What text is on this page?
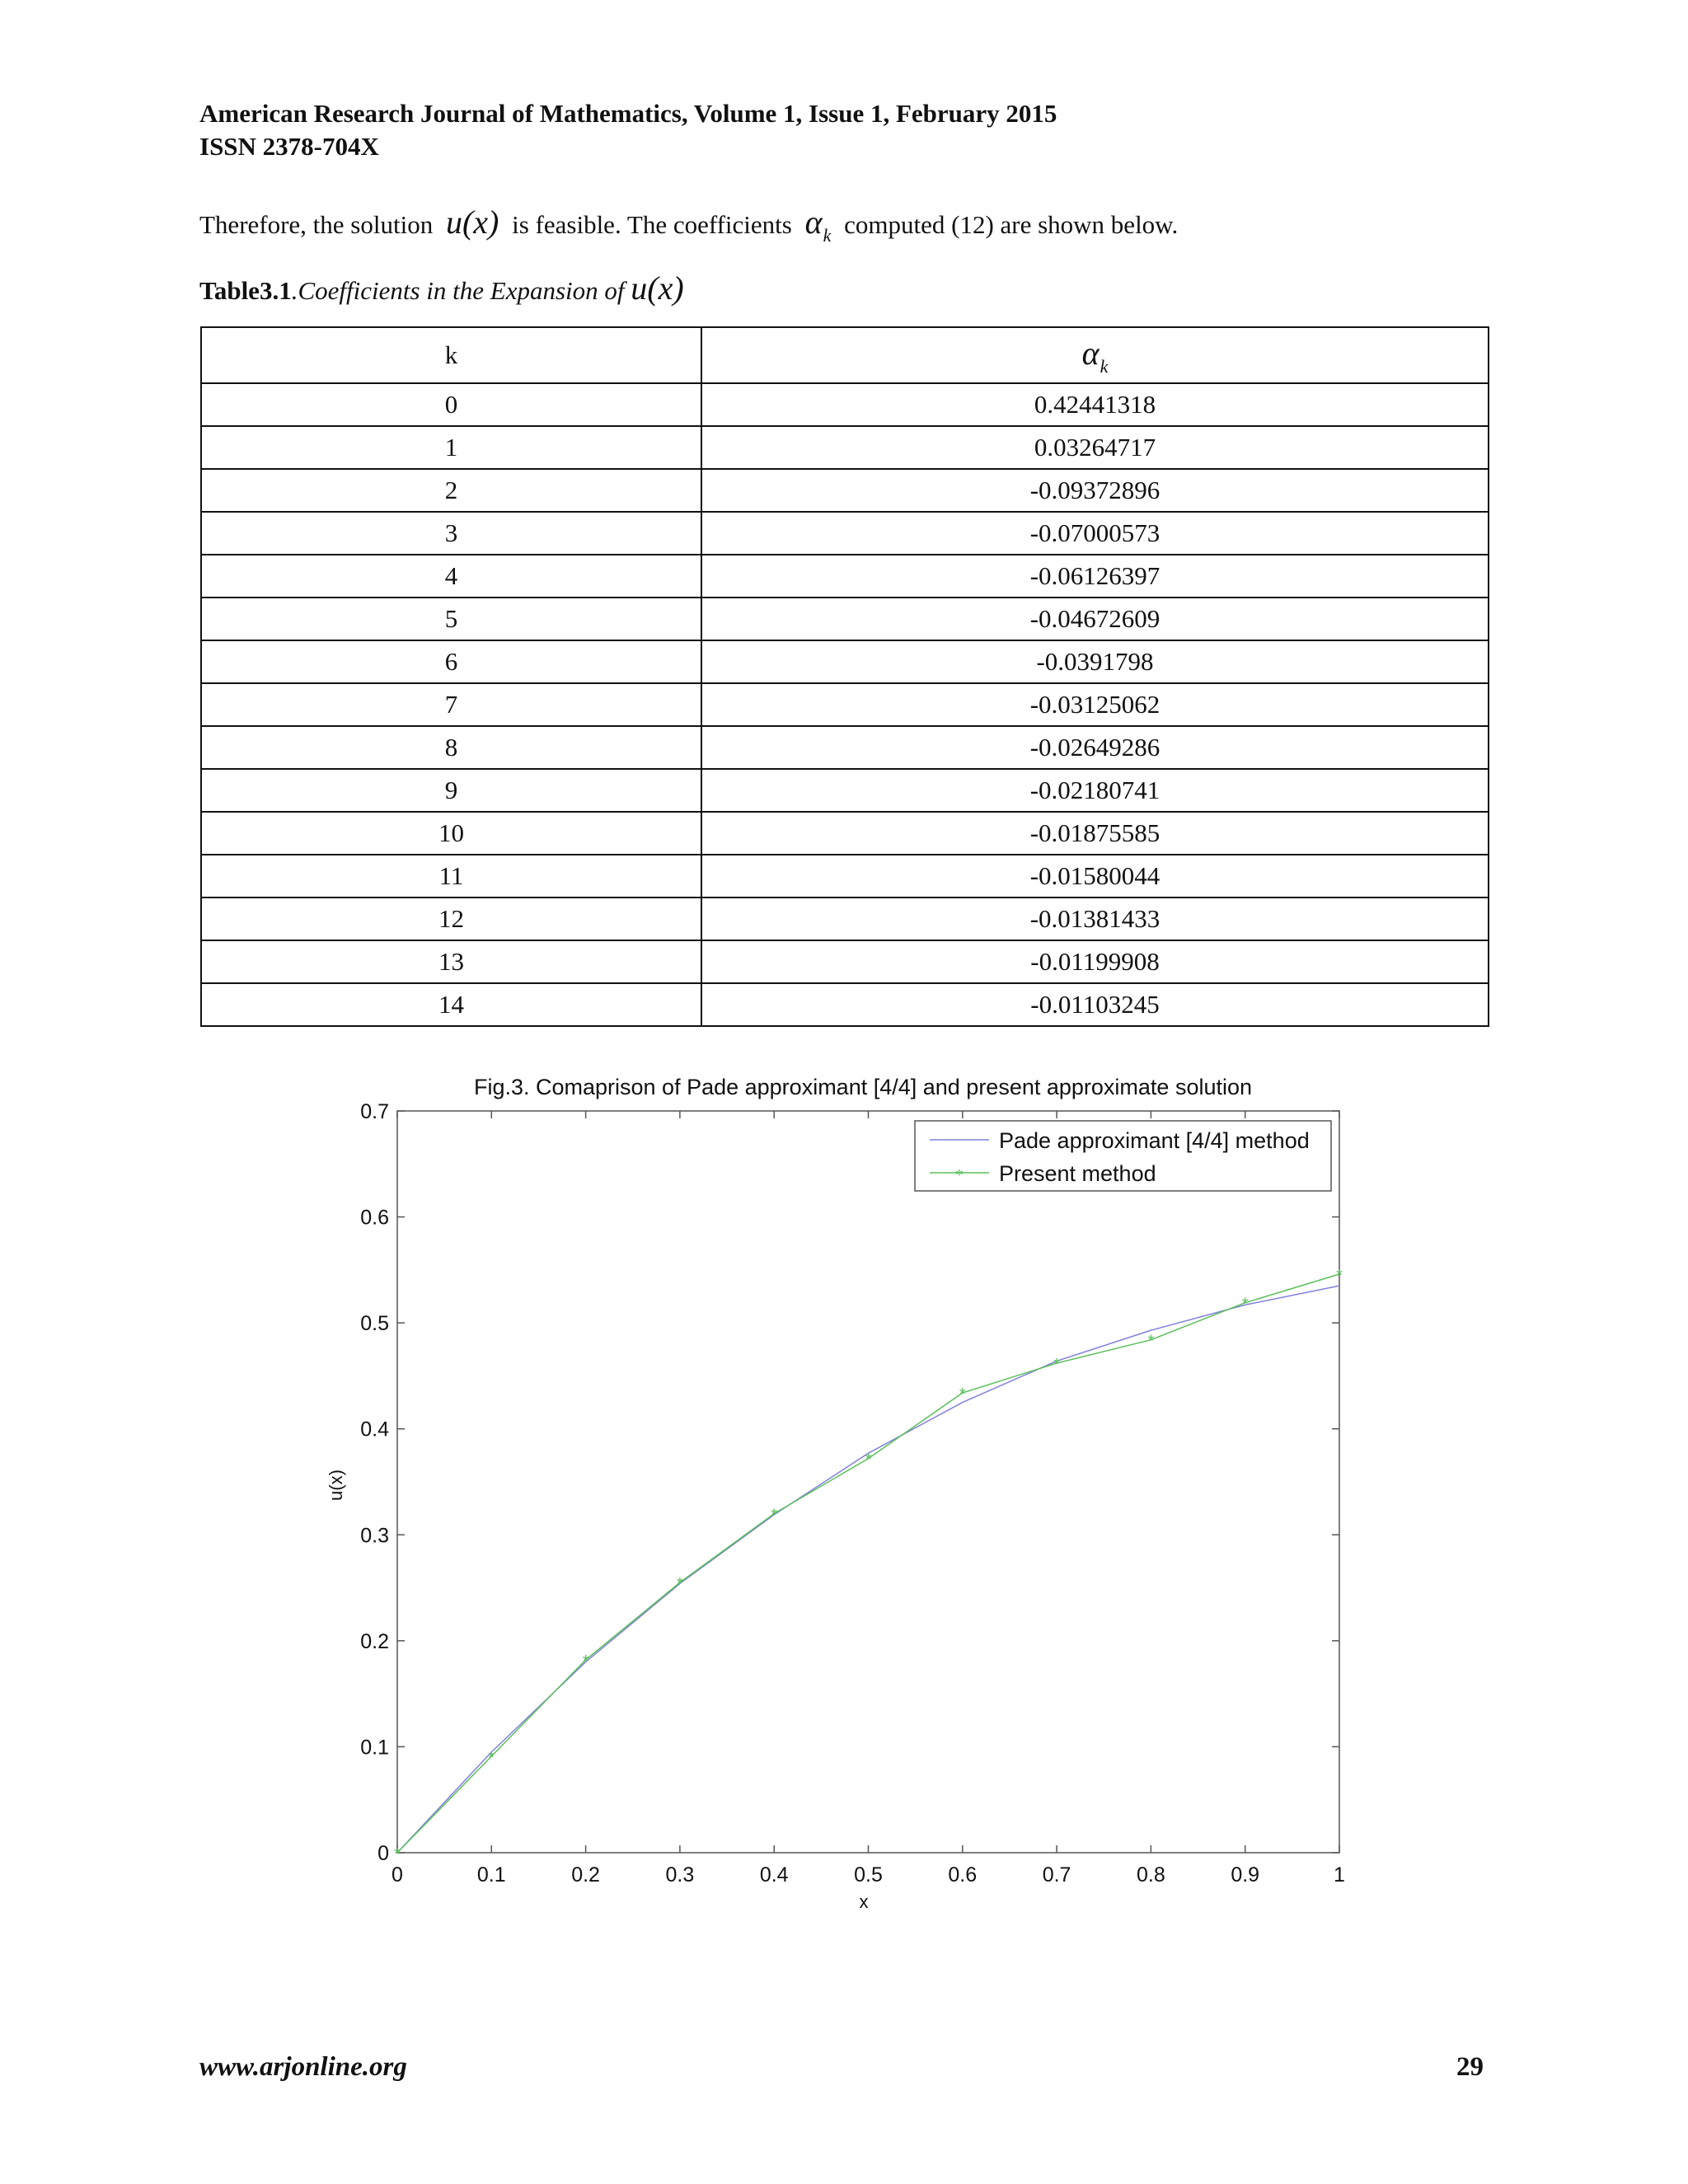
American Research Journal of Mathematics, Volume 1, Issue 1, February 2015
ISSN 2378-704X
Therefore, the solution u(x) is feasible. The coefficients $\alpha_k$ computed (12) are shown below.
Table3.1.Coefficients in the Expansion of u(x)
k	$\alpha_k$
0	0.42441318
1	0.03264717
2	-0.09372896
3	-0.07000573
4	-0.06126397
5	-0.04672609
6	-0.0391798
7	-0.03125062
8	-0.02649286
9	-0.02180741
10	-0.01875585
11	-0.01580044
12	-0.01381433
13	-0.01199908
14	-0.01103245
Fig.3. Comaprison of Pade approximant [4/4] and present approximate solution
0	0.1	0.2	0.3	0.4	0.5	0.6	0.7	0.8	0.9	1
0
0.1
0.2
0.3
0.4
0.5
0.6
0.7
*
*
*
*
*
*
*
*
*
*
*
x
u(x)
Pade approximant [4/4] method
* Present method
www.arjonline.org	29
